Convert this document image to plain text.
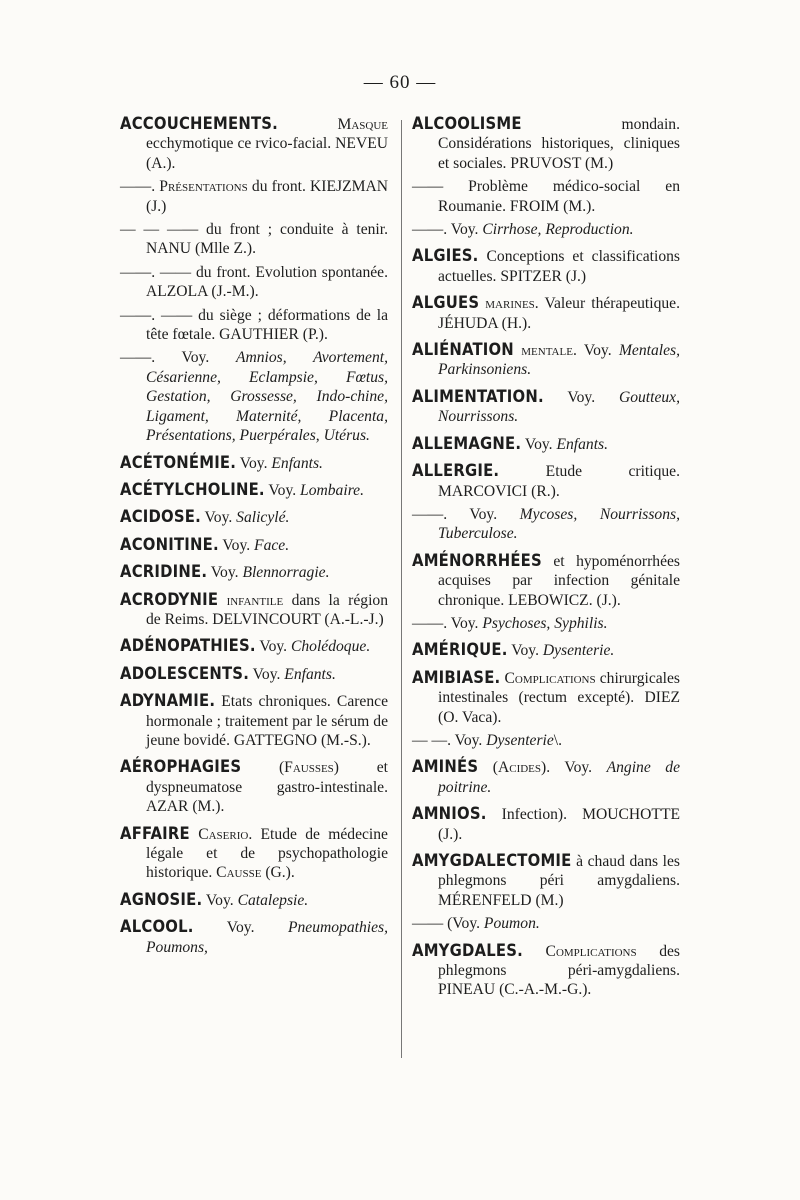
— 60 —

ACCOUCHEMENTS.	Masque ecchymotique ce rvico-facial. NEVEU (A.).

——. Présentations du front. KIEJZMAN (J.)

— — —— du front ; conduite à tenir. NANU (Mlle Z.).

——. —— du front. Evolution spontanée. ALZOLA (J.-M.).

——. —— du siège ; déformations de la tête fœtale. GAUTHIER (P.).

——. Voy. Amnios, Avortement, Césarienne, Eclampsie, Fœtus, Gestation, Grossesse, Indo-chine, Ligament, Maternité, Placenta, Présentations, Puerpérales, Utérus.

ACÉTONÉMIE. Voy. Enfants.

ACÉTYLCHOLINE. Voy. Lombaire.

ACIDOSE. Voy. Salicylé.

ACONITINE. Voy. Face.

ACRIDINE. Voy. Blennorragie.

ACRODYNIE infantile dans la région de Reims. DELVINCOURT (A.-L.-J.)

ADÉNOPATHIES. Voy. Cholédoque.

ADOLESCENTS. Voy. Enfants.

ADYNAMIE. Etats chroniques. Carence hormonale ; traitement par le sérum de jeune bovidé. GATTEGNO (M.-S.).

AÉROPHAGIES (Fausses) et dyspneumatose gastro-intestinale. AZAR (M.).

AFFAIRE Caserio. Etude de médecine légale et de psychopathologie historique. Causse (G.).

AGNOSIE. Voy. Catalepsie.

ALCOOL. Voy. Pneumopathies, Poumons,

ALCOOLISME mondain. Considérations historiques, cliniques et sociales. PRUVOST (M.)

—— Problème médico-social en Roumanie. FROIM (M.).

——. Voy. Cirrhose, Reproduction.

ALGIES. Conceptions et classifications actuelles. SPITZER (J.)

ALGUES marines. Valeur thérapeutique. JÉHUDA (H.).

ALIÉNATION mentale. Voy. Mentales, Parkinsoniens.

ALIMENTATION. Voy. Goutteux, Nourrissons.

ALLEMAGNE. Voy. Enfants.

ALLERGIE. Etude critique. MARCOVICI (R.).

——. Voy. Mycoses, Nourrissons, Tuberculose.

AMÉNORRHÉES et hypoménorrhées acquises par infection génitale chronique. LEBOWICZ. (J.).

——. Voy. Psychoses, Syphilis.

AMÉRIQUE. Voy. Dysenterie.

AMIBIASE. Complications chirurgicales intestinales (rectum excepté). DIEZ (O. Vaca).

— —. Voy. Dysenterie\.

AMINÉS (Acides). Voy. Angine de poitrine.

AMNIOS. Infection). MOUCHOTTE (J.).

AMYGDALECTOMIE à chaud dans les phlegmons péri amygdaliens. MÉRENFELD (M.)

—— (Voy. Poumon.

AMYGDALES. Complications des phlegmons péri-amygdaliens. PINEAU (C.-A.-M.-G.).
